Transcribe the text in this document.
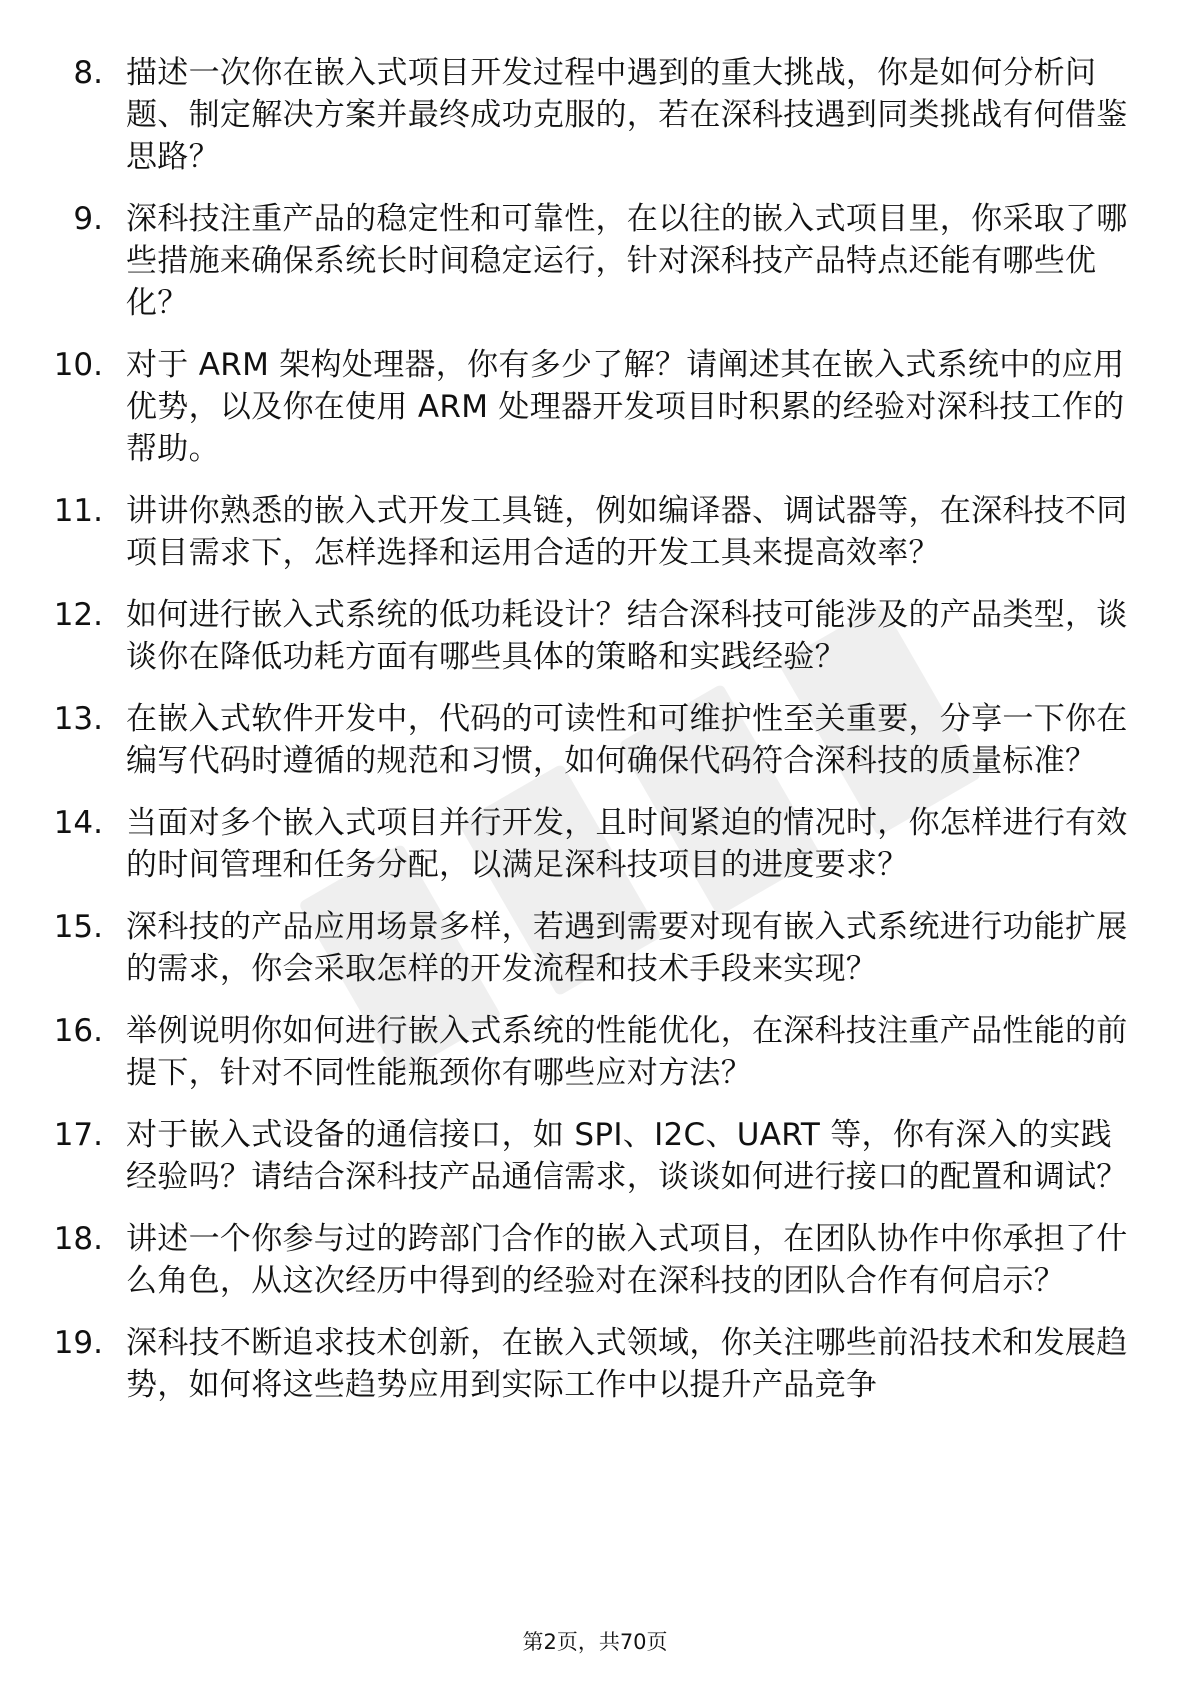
8. 描述一次你在嵌入式项目开发过程中遇到的重大挑战，你是如何分析问题、制定解决方案并最终成功克服的，若在深科技遇到同类挑战有何借鉴思路？
9. 深科技注重产品的稳定性和可靠性，在以往的嵌入式项目里，你采取了哪些措施来确保系统长时间稳定运行，针对深科技产品特点还能有哪些优化？
10. 对于 ARM 架构处理器，你有多少了解？请阐述其在嵌入式系统中的应用优势，以及你在使用 ARM 处理器开发项目时积累的经验对深科技工作的帮助。
11. 讲讲你熟悉的嵌入式开发工具链，例如编译器、调试器等，在深科技不同项目需求下，怎样选择和运用合适的开发工具来提高效率？
12. 如何进行嵌入式系统的低功耗设计？结合深科技可能涉及的产品类型，谈谈你在降低功耗方面有哪些具体的策略和实践经验？
13. 在嵌入式软件开发中，代码的可读性和可维护性至关重要，分享一下你在编写代码时遵循的规范和习惯，如何确保代码符合深科技的质量标准？
14. 当面对多个嵌入式项目并行开发，且时间紧迫的情况时，你怎样进行有效的时间管理和任务分配，以满足深科技项目的进度要求？
15. 深科技的产品应用场景多样，若遇到需要对现有嵌入式系统进行功能扩展的需求，你会采取怎样的开发流程和技术手段来实现？
16. 举例说明你如何进行嵌入式系统的性能优化，在深科技注重产品性能的前提下，针对不同性能瓶颈你有哪些应对方法？
17. 对于嵌入式设备的通信接口，如 SPI、I2C、UART 等，你有深入的实践经验吗？请结合深科技产品通信需求，谈谈如何进行接口的配置和调试？
18. 讲述一个你参与过的跨部门合作的嵌入式项目，在团队协作中你承担了什么角色，从这次经历中得到的经验对在深科技的团队合作有何启示？
19. 深科技不断追求技术创新，在嵌入式领域，你关注哪些前沿技术和发展趋势，如何将这些趋势应用到实际工作中以提升产品竞争
第2页，共70页
